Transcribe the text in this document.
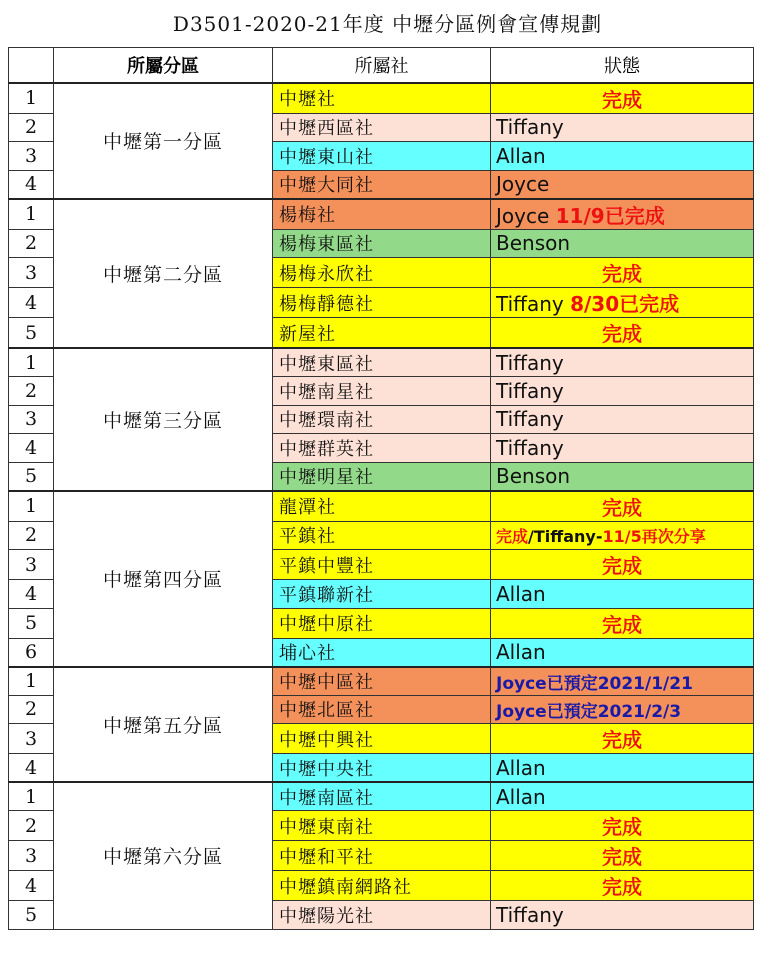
D3501-2020-21年度 中壢分區例會宣傳規劃
	所屬分區	所屬社	狀態
1	中壢第一分區	中壢社	完成
2		中壢西區社	Tiffany
3		中壢東山社	Allan
4		中壢大同社	Joyce
1	中壢第二分區	楊梅社	Joyce 11/9已完成
2		楊梅東區社	Benson
3		楊梅永欣社	完成
4		楊梅靜德社	Tiffany 8/30已完成
5		新屋社	完成
1	中壢第三分區	中壢東區社	Tiffany
2		中壢南星社	Tiffany
3		中壢環南社	Tiffany
4		中壢群英社	Tiffany
5		中壢明星社	Benson
1	中壢第四分區	龍潭社	完成
2		平鎮社	完成/Tiffany-11/5再次分享
3		平鎮中豐社	完成
4		平鎮聯新社	Allan
5		中壢中原社	完成
6		埔心社	Allan
1	中壢第五分區	中壢中區社	Joyce已預定2021/1/21
2		中壢北區社	Joyce已預定2021/2/3
3		中壢中興社	完成
4		中壢中央社	Allan
1	中壢第六分區	中壢南區社	Allan
2		中壢東南社	完成
3		中壢和平社	完成
4		中壢鎮南網路社	完成
5		中壢陽光社	Tiffany
